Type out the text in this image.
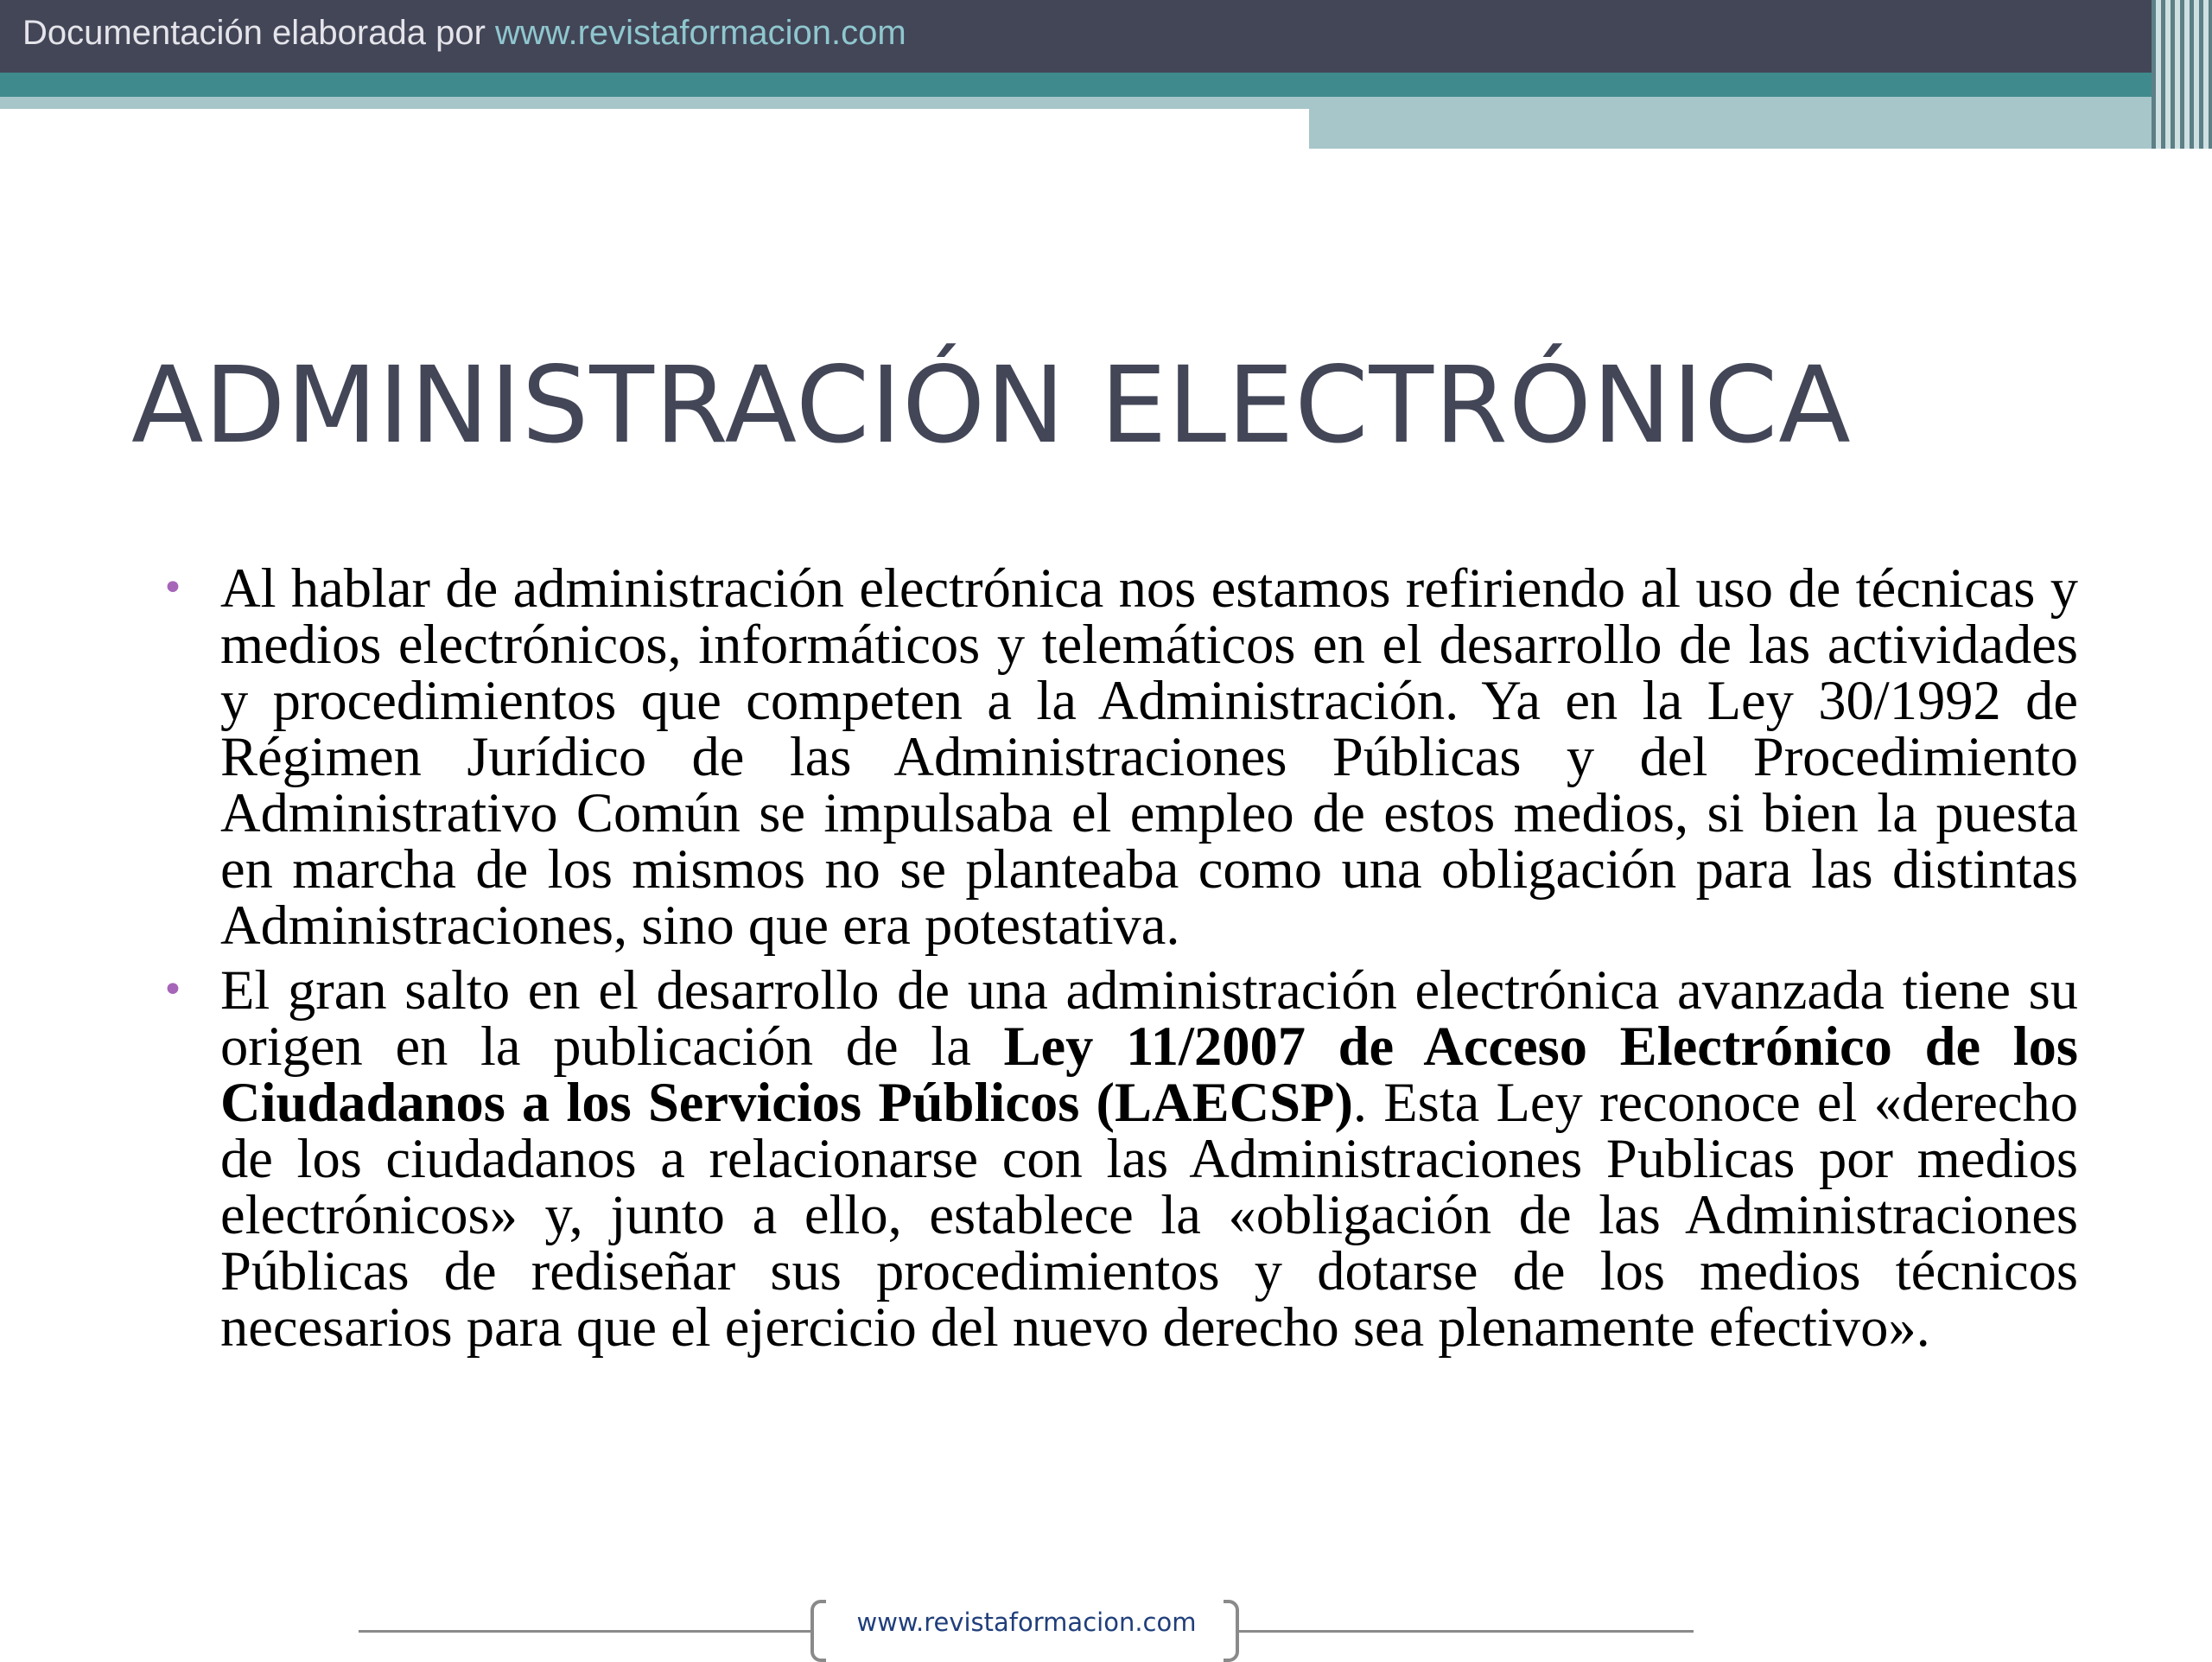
Documentación elaborada por www.revistaformacion.com
ADMINISTRACIÓN ELECTRÓNICA
• Al hablar de administración electrónica nos estamos refiriendo al uso de técnicas y medios electrónicos, informáticos y telemáticos en el desarrollo de las actividades y procedimientos que competen a la Administración. Ya en la Ley 30/1992 de Régimen Jurídico de las Administraciones Públicas y del Procedimiento Administrativo Común se impulsaba el empleo de estos medios, si bien la puesta en marcha de los mismos no se planteaba como una obligación para las distintas Administraciones, sino que era potestativa.
• El gran salto en el desarrollo de una administración electrónica avanzada tiene su origen en la publicación de la Ley 11/2007 de Acceso Electrónico de los Ciudadanos a los Servicios Públicos (LAECSP). Esta Ley reconoce el «derecho de los ciudadanos a relacionarse con las Administraciones Publicas por medios electrónicos» y, junto a ello, establece la «obligación de las Administraciones Públicas de rediseñar sus procedimientos y dotarse de los medios técnicos necesarios para que el ejercicio del nuevo derecho sea plenamente efectivo».
www.revistaformacion.com
